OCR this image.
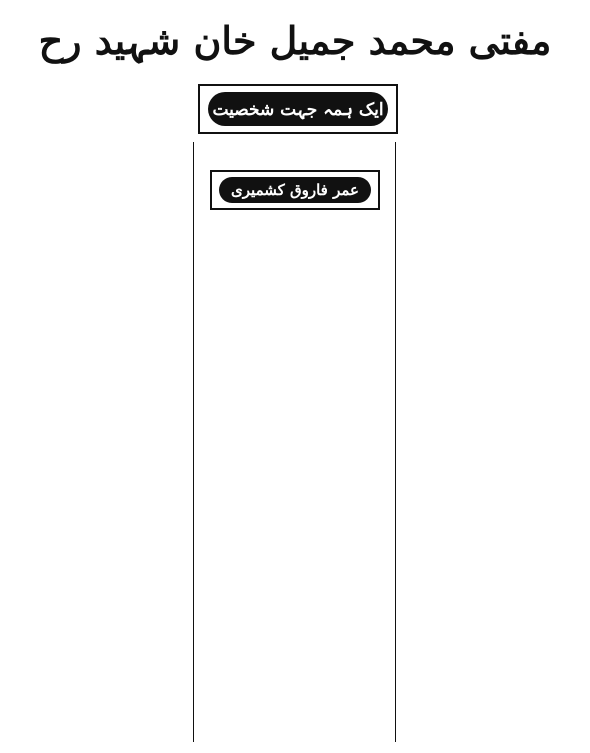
مفتی محمد جمیل خان شہید رح
ایک ہمہ جہت شخصیت

عمر فاروق کشمیری
